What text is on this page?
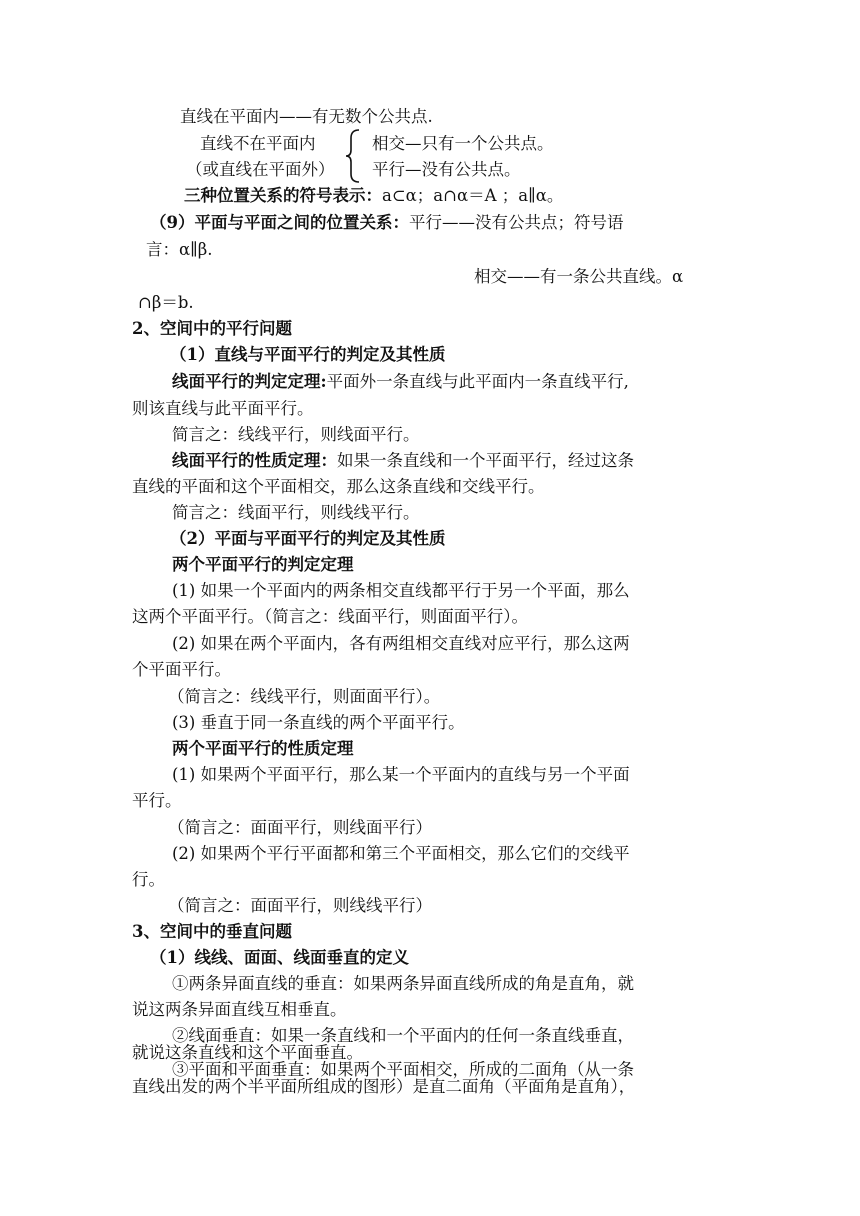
直线在平面内——有无数个公共点.
直线不在平面内
（或直线在平面外）
相交—只有一个公共点。
平行—没有公共点。
三种位置关系的符号表示：a⊂α；a∩α＝A ；a∥α。
（9）平面与平面之间的位置关系：平行——没有公共点；符号语
言：α∥β.
相交——有一条公共直线。α
∩β＝b.
2、空间中的平行问题
（1）直线与平面平行的判定及其性质
线面平行的判定定理:平面外一条直线与此平面内一条直线平行,
则该直线与此平面平行。
简言之：线线平行，则线面平行。
线面平行的性质定理：如果一条直线和一个平面平行，经过这条
直线的平面和这个平面相交，那么这条直线和交线平行。
简言之：线面平行，则线线平行。
（2）平面与平面平行的判定及其性质
两个平面平行的判定定理
(1) 如果一个平面内的两条相交直线都平行于另一个平面，那么
这两个平面平行。（简言之：线面平行，则面面平行）。
(2) 如果在两个平面内，各有两组相交直线对应平行，那么这两
个平面平行。
（简言之：线线平行，则面面平行）。
(3) 垂直于同一条直线的两个平面平行。
两个平面平行的性质定理
(1) 如果两个平面平行，那么某一个平面内的直线与另一个平面
平行。
（简言之：面面平行，则线面平行）
(2) 如果两个平行平面都和第三个平面相交，那么它们的交线平
行。
（简言之：面面平行，则线线平行）
3、空间中的垂直问题
（1）线线、面面、线面垂直的定义
①两条异面直线的垂直：如果两条异面直线所成的角是直角，就
说这两条异面直线互相垂直。
②线面垂直：如果一条直线和一个平面内的任何一条直线垂直，
就说这条直线和这个平面垂直。
③平面和平面垂直：如果两个平面相交，所成的二面角（从一条
直线出发的两个半平面所组成的图形）是直二面角（平面角是直角），
